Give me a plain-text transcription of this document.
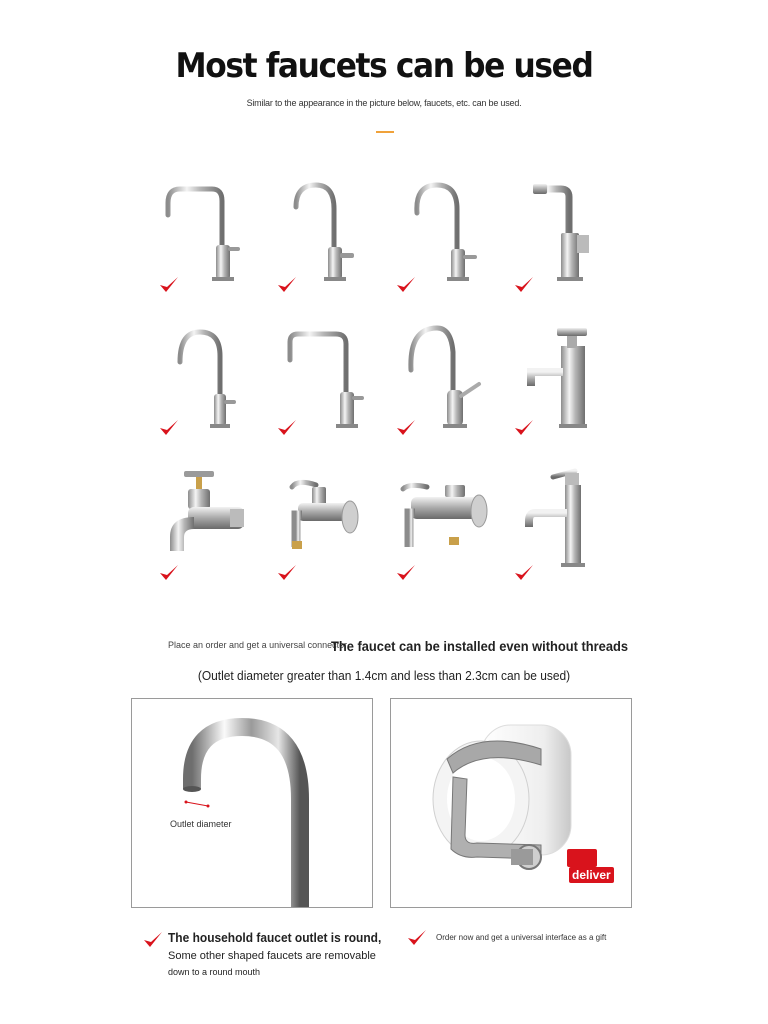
Most faucets can be used
Similar to the appearance in the picture below, faucets, etc. can be used.
Place an order and get a universal connector
The faucet can be installed even without threads
(Outlet diameter greater than 1.4cm and less than 2.3cm can be used)
Outlet diameter
deliver
The household faucet outlet is round,
Some other shaped faucets are removable
down to a round mouth
Order now and get a universal interface as a gift
